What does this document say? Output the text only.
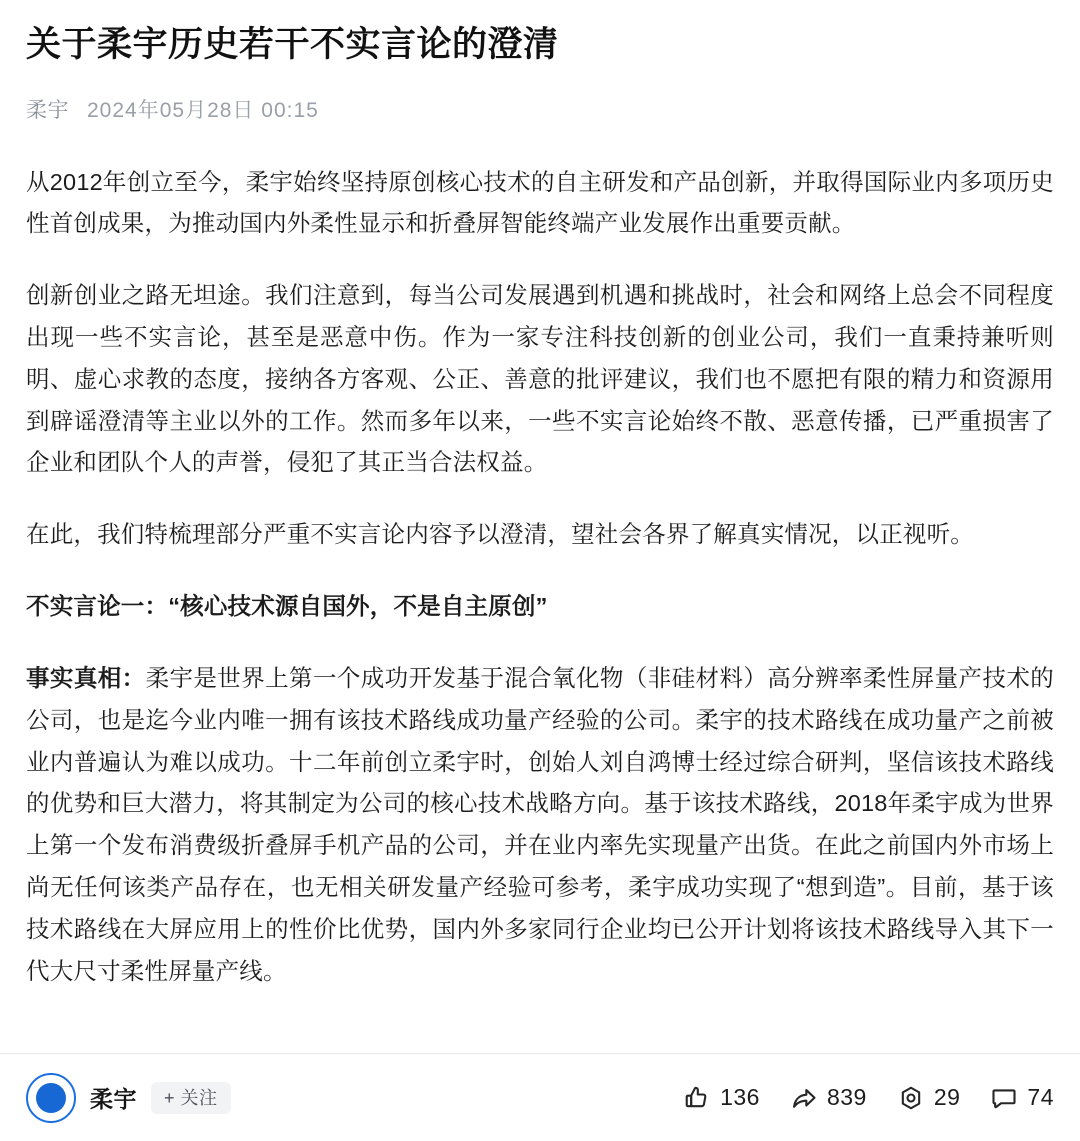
关于柔宇历史若干不实言论的澄清
柔宇 2024年05月28日 00:15

从2012年创立至今，柔宇始终坚持原创核心技术的自主研发和产品创新，并取得国际业内多项历史性首创成果，为推动国内外柔性显示和折叠屏智能终端产业发展作出重要贡献。

创新创业之路无坦途。我们注意到，每当公司发展遇到机遇和挑战时，社会和网络上总会不同程度出现一些不实言论，甚至是恶意中伤。作为一家专注科技创新的创业公司，我们一直秉持兼听则明、虚心求教的态度，接纳各方客观、公正、善意的批评建议，我们也不愿把有限的精力和资源用到辟谣澄清等主业以外的工作。然而多年以来，一些不实言论始终不散、恶意传播，已严重损害了企业和团队个人的声誉，侵犯了其正当合法权益。

在此，我们特梳理部分严重不实言论内容予以澄清，望社会各界了解真实情况，以正视听。

不实言论一：“核心技术源自国外，不是自主原创”

事实真相：柔宇是世界上第一个成功开发基于混合氧化物（非硅材料）高分辨率柔性屏量产技术的公司，也是迄今业内唯一拥有该技术路线成功量产经验的公司。柔宇的技术路线在成功量产之前被业内普遍认为难以成功。十二年前创立柔宇时，创始人刘自鸿博士经过综合研判，坚信该技术路线的优势和巨大潜力，将其制定为公司的核心技术战略方向。基于该技术路线，2018年柔宇成为世界上第一个发布消费级折叠屏手机产品的公司，并在业内率先实现量产出货。在此之前国内外市场上尚无任何该类产品存在，也无相关研发量产经验可参考，柔宇成功实现了“想到造”。目前，基于该技术路线在大屏应用上的性价比优势，国内外多家同行企业均已公开计划将该技术路线导入其下一代大尺寸柔性屏量产线。

柔宇	+ 关注	136	839	29	74
